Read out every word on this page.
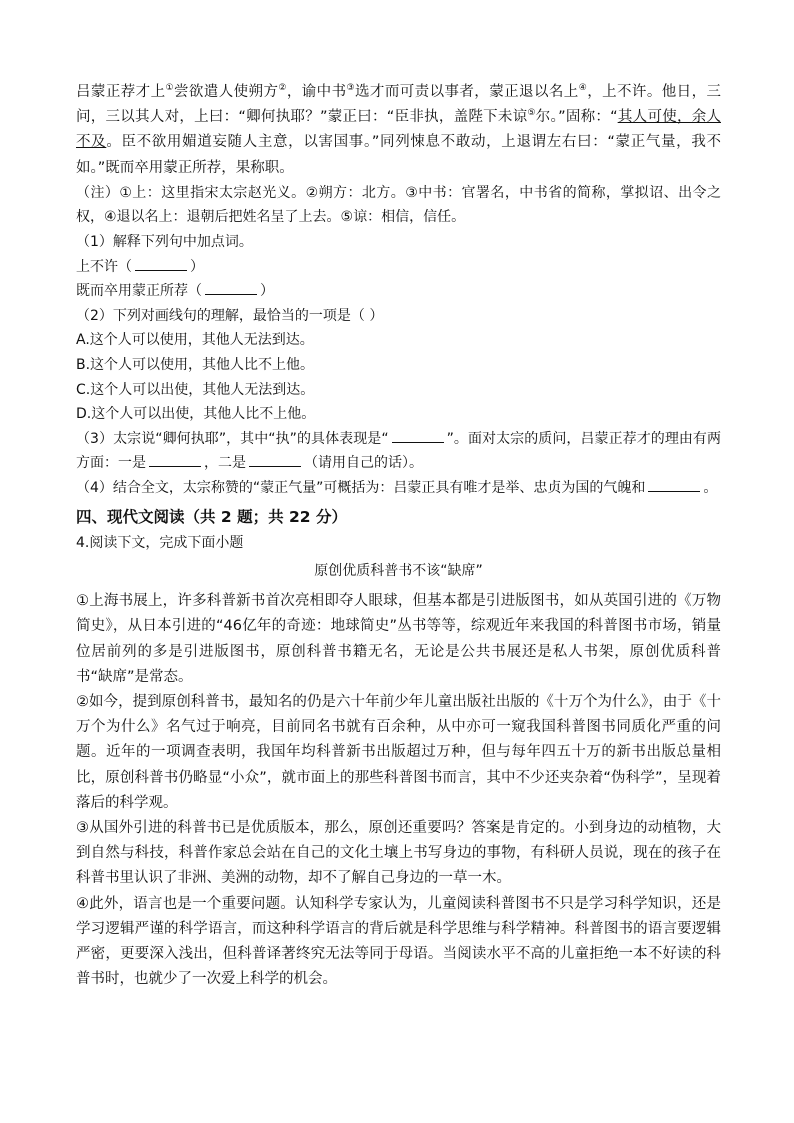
吕蒙正荐才上①尝欲遣人使朔方②，谕中书③选才而可责以事者，蒙正退以名上④，上不许。他日，三问，三以其人对，上曰：“卿何执耶？”蒙正曰：“臣非执，盖陛下未谅⑤尔。”固称：“其人可使，余人不及。臣不欲用媚道妄随人主意，以害国事。”同列悚息不敢动，上退谓左右曰：“蒙正气量，我不如。”既而卒用蒙正所荐，果称职。
（注）①上：这里指宋太宗赵光义。②朔方：北方。③中书：官署名，中书省的简称，掌拟诏、出令之权，④退以名上：退朝后把姓名呈了上去。⑤谅：相信，信任。
（1）解释下列句中加点词。
上不许（	）
既而卒用蒙正所荐（	）
（2）下列对画线句的理解，最恰当的一项是（ ）
A.这个人可以使用，其他人无法到达。
B.这个人可以使用，其他人比不上他。
C.这个人可以出使，其他人无法到达。
D.这个人可以出使，其他人比不上他。
（3）太宗说“卿何执耶”，其中“执”的具体表现是“	”。面对太宗的质问，吕蒙正荐才的理由有两方面：一是	，二是	（请用自己的话）。
（4）结合全文，太宗称赞的“蒙正气量”可概括为：吕蒙正具有唯才是举、忠贞为国的气魄和	。
四、现代文阅读（共 2 题；共 22 分）
4.阅读下文，完成下面小题
原创优质科普书不该“缺席”
①上海书展上，许多科普新书首次亮相即夺人眼球，但基本都是引进版图书，如从英国引进的《万物简史》，从日本引进的“46亿年的奇迹：地球简史”丛书等等，综观近年来我国的科普图书市场，销量位居前列的多是引进版图书，原创科普书籍无名，无论是公共书展还是私人书架，原创优质科普书“缺席”是常态。
②如今，提到原创科普书，最知名的仍是六十年前少年儿童出版社出版的《十万个为什么》，由于《十万个为什么》名气过于响亮，目前同名书就有百余种，从中亦可一窥我国科普图书同质化严重的问题。近年的一项调查表明，我国年均科普新书出版超过万种，但与每年四五十万的新书出版总量相比，原创科普书仍略显“小众”，就市面上的那些科普图书而言，其中不少还夹杂着“伪科学”，呈现着落后的科学观。
③从国外引进的科普书已是优质版本，那么，原创还重要吗？答案是肯定的。小到身边的动植物，大到自然与科技，科普作家总会站在自己的文化土壤上书写身边的事物，有科研人员说，现在的孩子在科普书里认识了非洲、美洲的动物，却不了解自己身边的一草一木。
④此外，语言也是一个重要问题。认知科学专家认为，儿童阅读科普图书不只是学习科学知识，还是学习逻辑严谨的科学语言，而这种科学语言的背后就是科学思维与科学精神。科普图书的语言要逻辑严密，更要深入浅出，但科普译著终究无法等同于母语。当阅读水平不高的儿童拒绝一本不好读的科普书时，也就少了一次爱上科学的机会。
